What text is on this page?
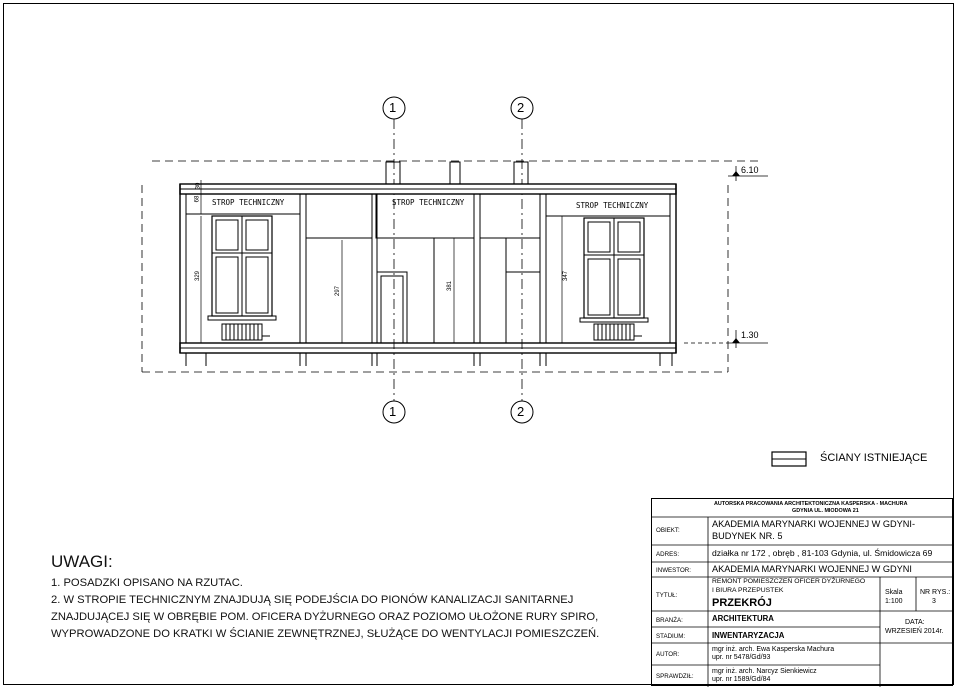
1	2
1	2
6.10
1.30
STROP TECHNICZNY	STROP TECHNICZNY	STROP TECHNICZNY
68
30
329
297	381
347
ŚCIANY ISTNIEJĄCE
UWAGI:
1. POSADZKI OPISANO NA RZUTAC.
2. W STROPIE TECHNICZNYM ZNAJDUJĄ SIĘ PODEJŚCIA DO PIONÓW KANALIZACJI SANITARNEJ
ZNAJDUJĄCEJ SIĘ W OBRĘBIE POM. OFICERA DYŻURNEGO ORAZ POZIOMO UŁOŻONE RURY SPIRO,
WYPROWADZONE DO KRATKI W ŚCIANIE ZEWNĘTRZNEJ, SŁUŻĄCE DO WENTYLACJI POMIESZCZEŃ.
AUTORSKA PRACOWANIA ARCHITEKTONICZNA KASPERSKA - MACHURA
GDYNIA UL. MIODOWA 21
OBIEKT:
AKADEMIA MARYNARKI WOJENNEJ W GDYNI-
BUDYNEK NR. 5
ADRES:	działka nr 172 , obręb , 81-103 Gdynia, ul. Śmidowicza 69
INWESTOR: AKADEMIA MARYNARKI WOJENNEJ W GDYNI
TYTUŁ:
REMONT POMIESZCZEŃ OFICER DYŻURNEGO
I BIURA PRZEPUSTEK
PRZEKRÓJ
Skala
1:100
NR RYS.:
3
BRANŻA:	ARCHITEKTURA
STADIUM:	INWENTARYZACJA
DATA:
WRZESIEŃ 2014r.
AUTOR:
mgr inż. arch. Ewa Kasperska Machura
upr. nr 5478/Gd/93
SPRAWDZIŁ:
mgr inż. arch. Narcyz Sienkiewicz
upr. nr 1589/Gd/84
